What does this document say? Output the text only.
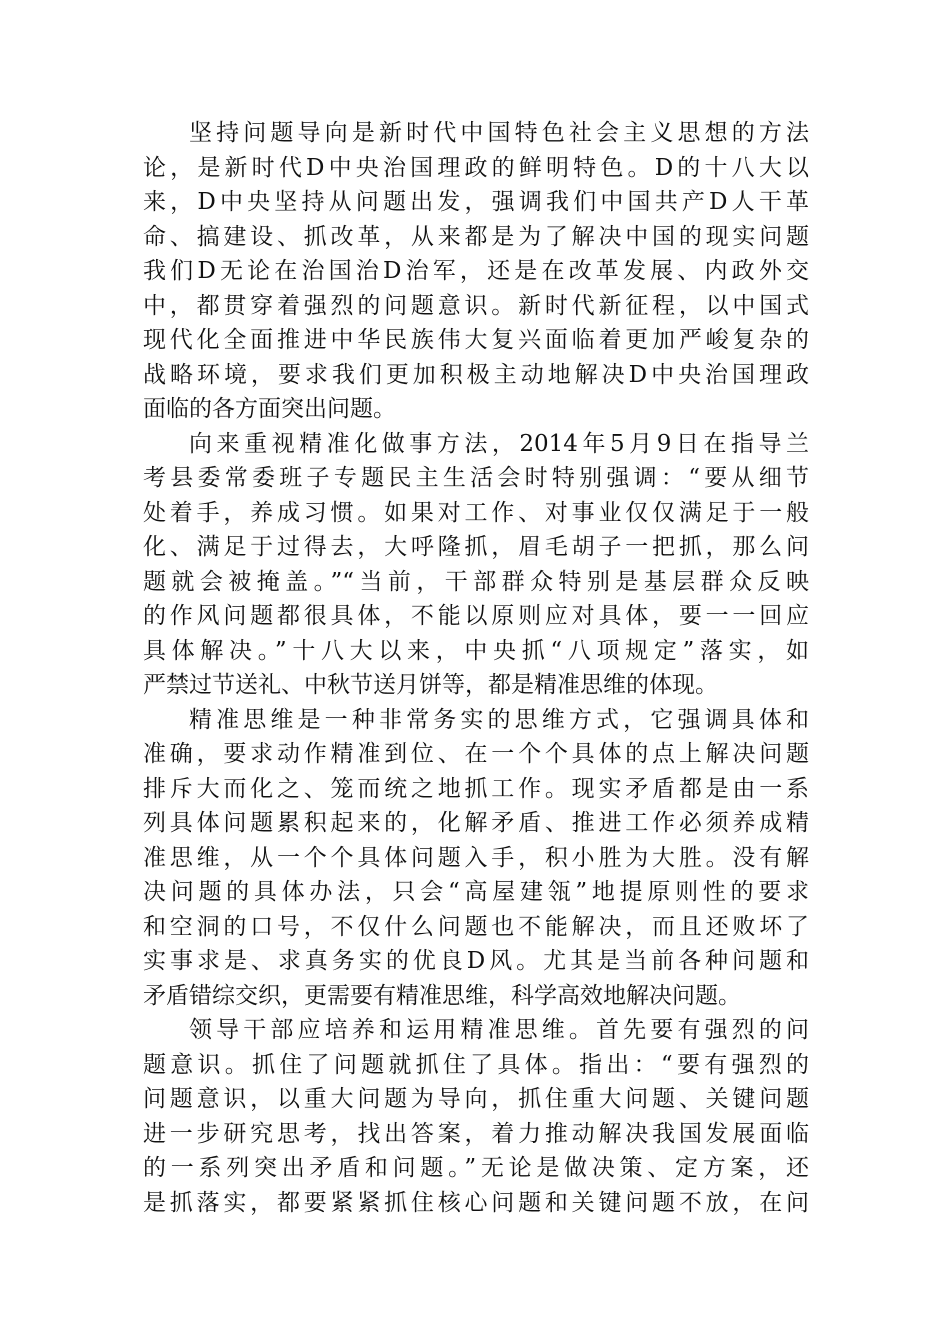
坚持问题导向是新时代中国特色社会主义思想的方法
论，是新时代D中央治国理政的鲜明特色。D的十八大以
来，D中央坚持从问题出发，强调我们中国共产D人干革
命、搞建设、抓改革，从来都是为了解决中国的现实问题
我们D无论在治国治D治军，还是在改革发展、内政外交
中，都贯穿着强烈的问题意识。新时代新征程，以中国式
现代化全面推进中华民族伟大复兴面临着更加严峻复杂的
战略环境，要求我们更加积极主动地解决D中央治国理政
面临的各方面突出问题。
向来重视精准化做事方法，2014年5月9日在指导兰
考县委常委班子专题民主生活会时特别强调：“要从细节
处着手，养成习惯。如果对工作、对事业仅仅满足于一般
化、满足于过得去，大呼隆抓，眉毛胡子一把抓，那么问
题就会被掩盖。”“当前，干部群众特别是基层群众反映
的作风问题都很具体，不能以原则应对具体，要一一回应
具体解决。”十八大以来，中央抓“八项规定”落实，如
严禁过节送礼、中秋节送月饼等，都是精准思维的体现。
精准思维是一种非常务实的思维方式，它强调具体和
准确，要求动作精准到位、在一个个具体的点上解决问题
排斥大而化之、笼而统之地抓工作。现实矛盾都是由一系
列具体问题累积起来的，化解矛盾、推进工作必须养成精
准思维，从一个个具体问题入手，积小胜为大胜。没有解
决问题的具体办法，只会“高屋建瓴”地提原则性的要求
和空洞的口号，不仅什么问题也不能解决，而且还败坏了
实事求是、求真务实的优良D风。尤其是当前各种问题和
矛盾错综交织，更需要有精准思维，科学高效地解决问题。
领导干部应培养和运用精准思维。首先要有强烈的问
题意识。抓住了问题就抓住了具体。指出：“要有强烈的
问题意识，以重大问题为导向，抓住重大问题、关键问题
进一步研究思考，找出答案，着力推动解决我国发展面临
的一系列突出矛盾和问题。”无论是做决策、定方案，还
是抓落实，都要紧紧抓住核心问题和关键问题不放，在问
